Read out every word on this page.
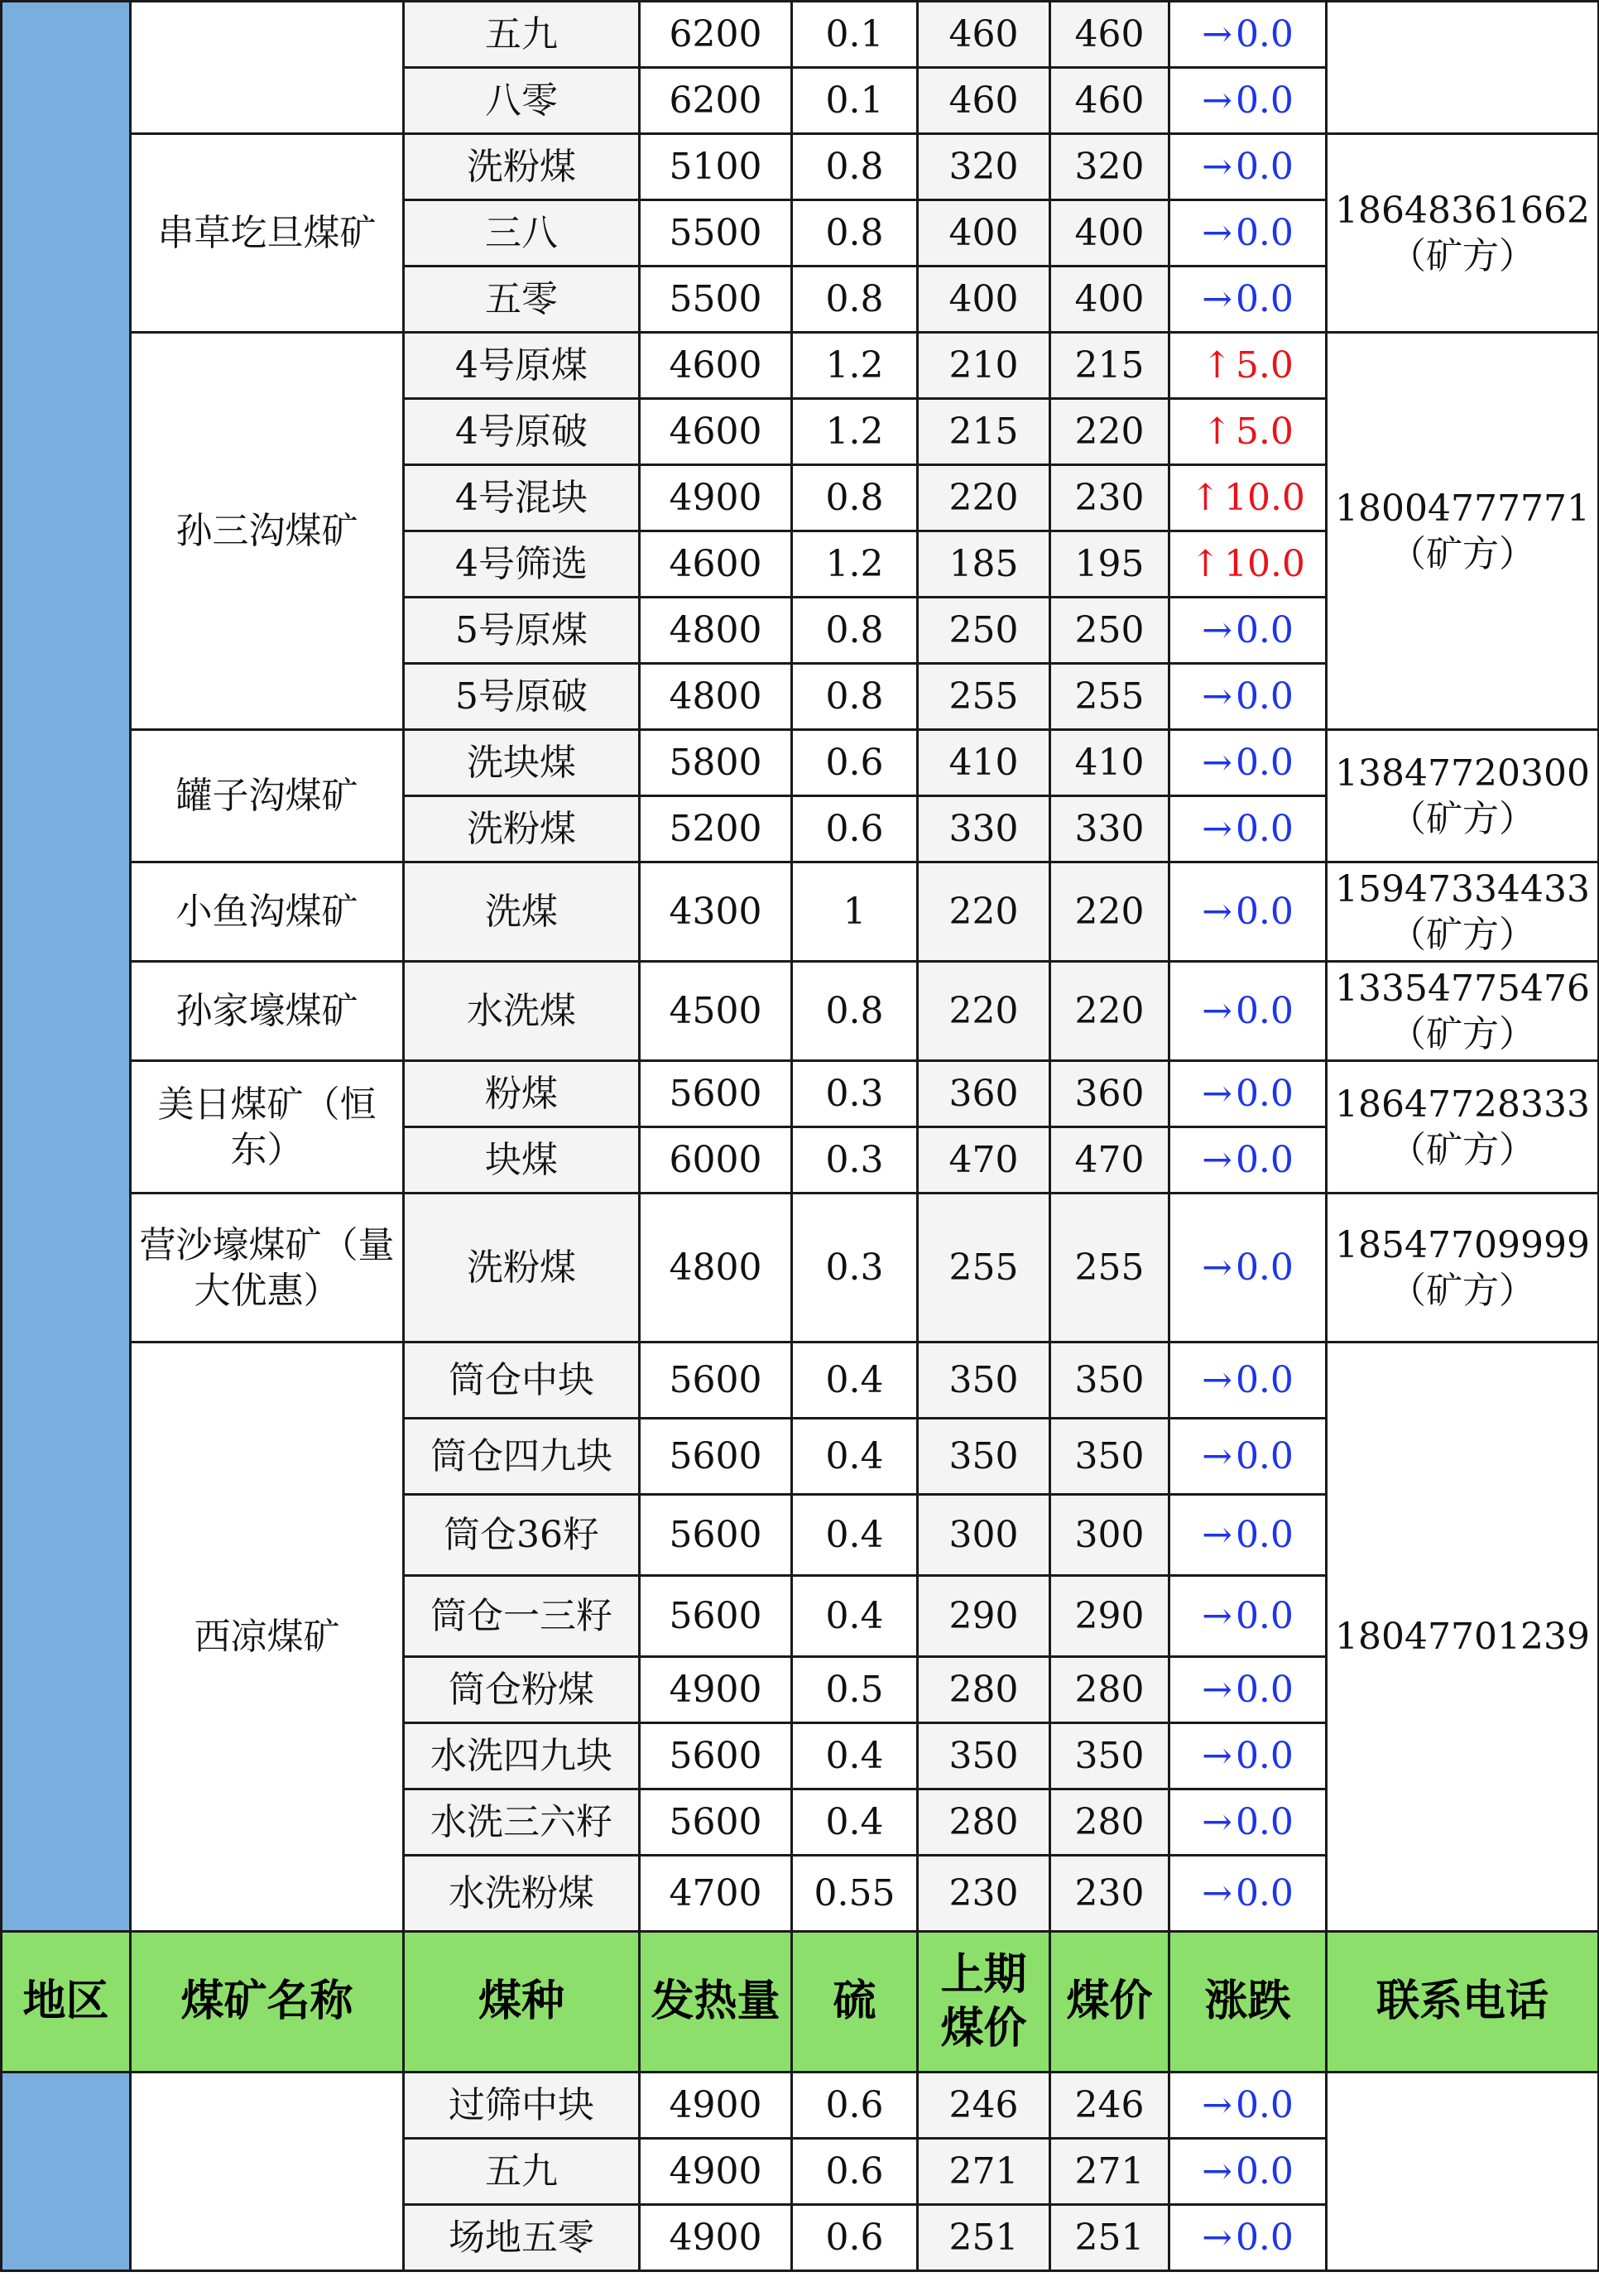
		五九	6200	0.1	460	460	→0.0	
		八零	6200	0.1	460	460	→0.0	
	串草圪旦煤矿	洗粉煤	5100	0.8	320	320	→0.0	18648361662
（矿方）

		三八	5500	0.8	400	400	→0.0	
		五零	5500	0.8	400	400	→0.0	
	孙三沟煤矿	4号原煤	4600	1.2	210	215	↑5.0	18004777771
（矿方）

		4号原破	4600	1.2	215	220	↑5.0	
		4号混块	4900	0.8	220	230	↑10.0	
		4号筛选	4600	1.2	185	195	↑10.0	
		5号原煤	4800	0.8	250	250	→0.0	
		5号原破	4800	0.8	255	255	→0.0	
	罐子沟煤矿	洗块煤	5800	0.6	410	410	→0.0	13847720300
（矿方）

		洗粉煤	5200	0.6	330	330	→0.0	
	小鱼沟煤矿	洗煤	4300	1	220	220	→0.0	15947334433
（矿方）

	孙家壕煤矿	水洗煤	4500	0.8	220	220	→0.0	13354775476
（矿方）

	美日煤矿（恒东）	粉煤	5600	0.3	360	360	→0.0	18647728333
（矿方）

		块煤	6000	0.3	470	470	→0.0	
	营沙壕煤矿（量大优惠）	洗粉煤	4800	0.3	255	255	→0.0	18547709999
（矿方）

	西凉煤矿	筒仓中块	5600	0.4	350	350	→0.0	18047701239

		筒仓四九块	5600	0.4	350	350	→0.0	
		筒仓36籽	5600	0.4	300	300	→0.0	
		筒仓一三籽	5600	0.4	290	290	→0.0	
		筒仓粉煤	4900	0.5	280	280	→0.0	
		水洗四九块	5600	0.4	350	350	→0.0	
		水洗三六籽	5600	0.4	280	280	→0.0	
		水洗粉煤	4700	0.55	230	230	→0.0	
地区	煤矿名称	煤种	发热量	硫	上期煤价	煤价	涨跌	联系电话
		过筛中块	4900	0.6	246	246	→0.0	
		五九	4900	0.6	271	271	→0.0	
		场地五零	4900	0.6	251	251	→0.0	
